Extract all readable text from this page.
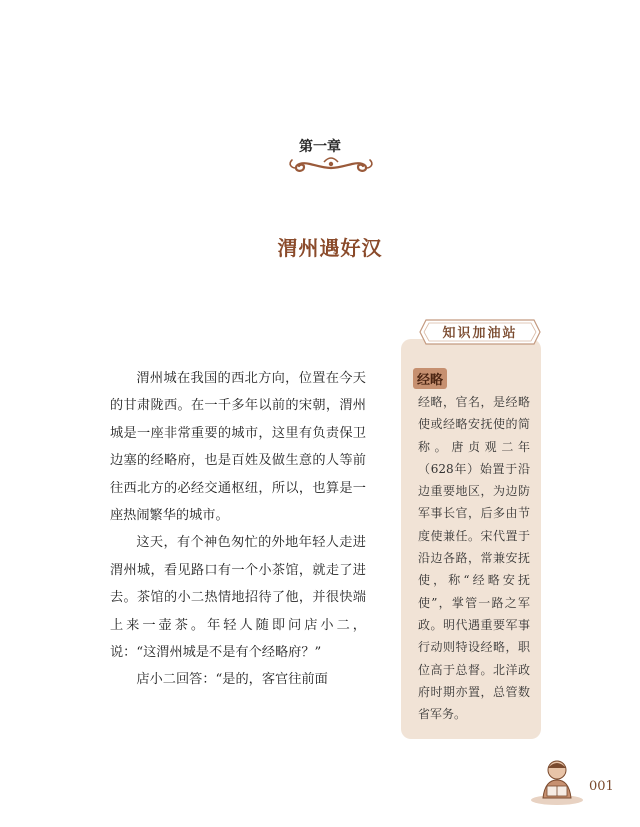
第一章
渭州遇好汉

渭州城在我国的西北方向，位置在今天的甘肃陇西。在一千多年以前的宋朝，渭州城是一座非常重要的城市，这里有负责保卫边塞的经略府，也是百姓及做生意的人等前往西北方的必经交通枢纽，所以，也算是一座热闹繁华的城市。

这天，有个神色匆忙的外地年轻人走进渭州城，看见路口有一个小茶馆，就走了进去。茶馆的小二热情地招待了他，并很快端上来一壶茶。年轻人随即问店小二，说：“这渭州城是不是有个经略府？”

店小二回答：“是的，客官往前面

知识加油站
经略

经略，官名，是经略使或经略安抚使的简称。唐贞观二年（628年）始置于沿边重要地区，为边防军事长官，后多由节度使兼任。宋代置于沿边各路，常兼安抚使，称“经略安抚使”，掌管一路之军政。明代遇重要军事行动则特设经略，职位高于总督。北洋政府时期亦置，总管数省军务。

001
